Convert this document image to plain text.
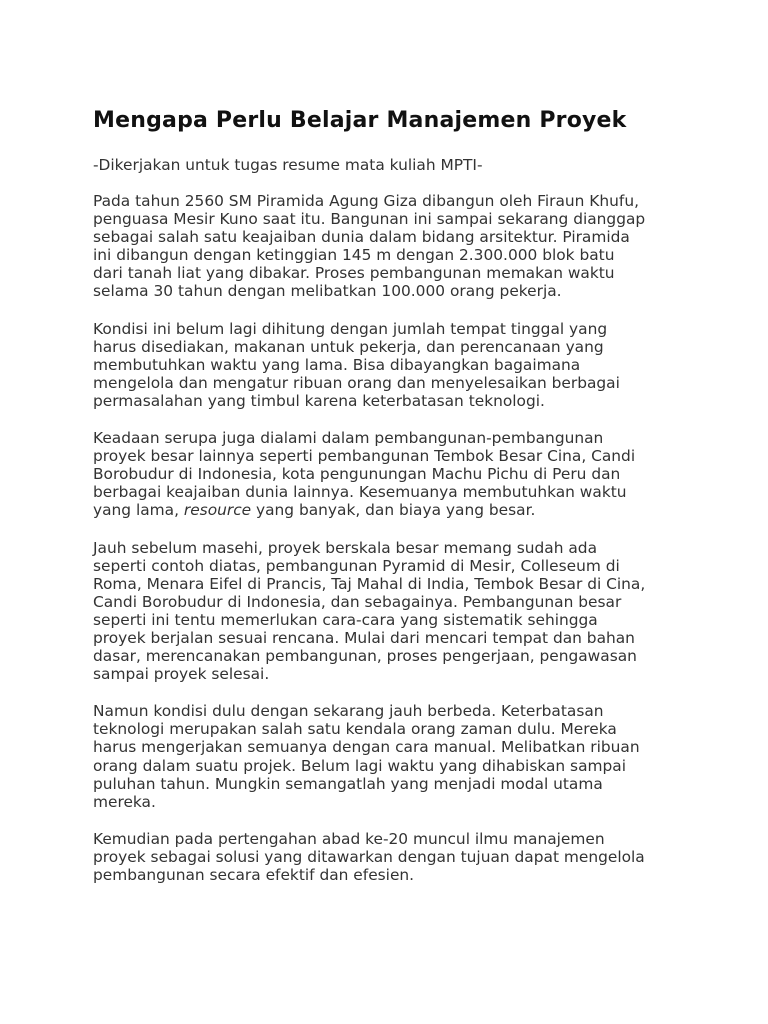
Mengapa Perlu Belajar Manajemen Proyek

-Dikerjakan untuk tugas resume mata kuliah MPTI-

Pada tahun 2560 SM Piramida Agung Giza dibangun oleh Firaun Khufu,
penguasa Mesir Kuno saat itu. Bangunan ini sampai sekarang dianggap
sebagai salah satu keajaiban dunia dalam bidang arsitektur. Piramida
ini dibangun dengan ketinggian 145 m dengan 2.300.000 blok batu
dari tanah liat yang dibakar. Proses pembangunan memakan waktu
selama 30 tahun dengan melibatkan 100.000 orang pekerja.

Kondisi ini belum lagi dihitung dengan jumlah tempat tinggal yang
harus disediakan, makanan untuk pekerja, dan perencanaan yang
membutuhkan waktu yang lama. Bisa dibayangkan bagaimana
mengelola dan mengatur ribuan orang dan menyelesaikan berbagai
permasalahan yang timbul karena keterbatasan teknologi.

Keadaan serupa juga dialami dalam pembangunan-pembangunan
proyek besar lainnya seperti pembangunan Tembok Besar Cina, Candi
Borobudur di Indonesia, kota pengunungan Machu Pichu di Peru dan
berbagai keajaiban dunia lainnya. Kesemuanya membutuhkan waktu
yang lama, resource yang banyak, dan biaya yang besar.

Jauh sebelum masehi, proyek berskala besar memang sudah ada
seperti contoh diatas, pembangunan Pyramid di Mesir, Colleseum di
Roma, Menara Eifel di Prancis, Taj Mahal di India, Tembok Besar di Cina,
Candi Borobudur di Indonesia, dan sebagainya. Pembangunan besar
seperti ini tentu memerlukan cara-cara yang sistematik sehingga
proyek berjalan sesuai rencana. Mulai dari mencari tempat dan bahan
dasar, merencanakan pembangunan, proses pengerjaan, pengawasan
sampai proyek selesai.

Namun kondisi dulu dengan sekarang jauh berbeda. Keterbatasan
teknologi merupakan salah satu kendala orang zaman dulu. Mereka
harus mengerjakan semuanya dengan cara manual. Melibatkan ribuan
orang dalam suatu projek. Belum lagi waktu yang dihabiskan sampai
puluhan tahun. Mungkin semangatlah yang menjadi modal utama
mereka.

Kemudian pada pertengahan abad ke-20 muncul ilmu manajemen
proyek sebagai solusi yang ditawarkan dengan tujuan dapat mengelola
pembangunan secara efektif dan efesien.
